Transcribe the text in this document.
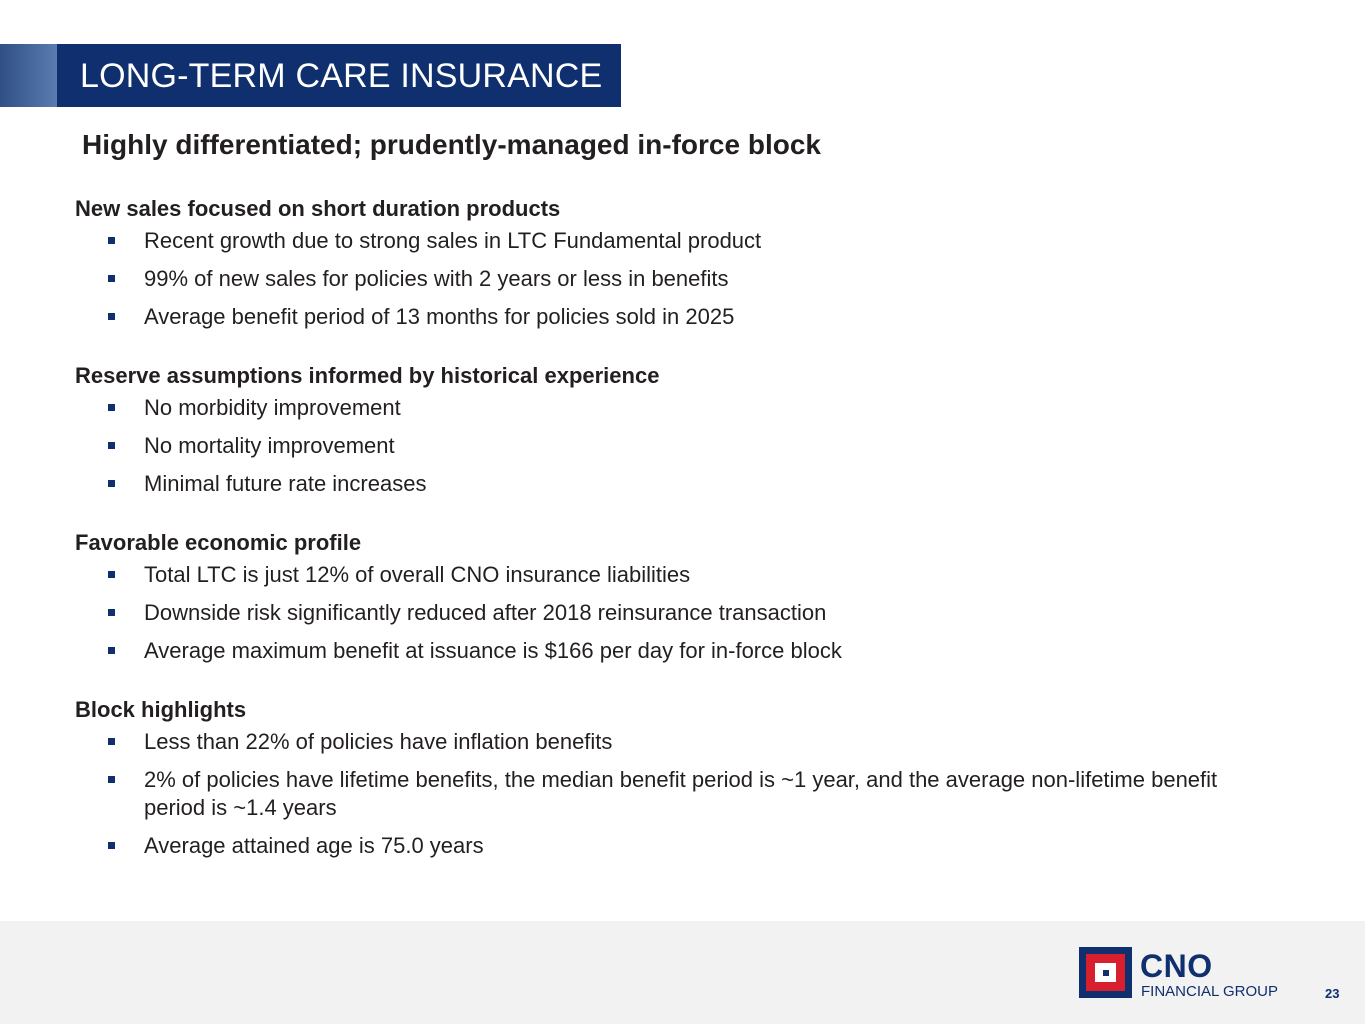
LONG-TERM CARE INSURANCE
Highly differentiated; prudently-managed in-force block

New sales focused on short duration products

Recent growth due to strong sales in LTC Fundamental product
99% of new sales for policies with 2 years or less in benefits
Average benefit period of 13 months for policies sold in 2025

Reserve assumptions informed by historical experience

No morbidity improvement
No mortality improvement
Minimal future rate increases

Favorable economic profile

Total LTC is just 12% of overall CNO insurance liabilities
Downside risk significantly reduced after 2018 reinsurance transaction
Average maximum benefit at issuance is $166 per day for in-force block

Block highlights

Less than 22% of policies have inflation benefits
2% of policies have lifetime benefits, the median benefit period is ~1 year, and the average non-lifetime benefit period is ~1.4 years
Average attained age is 75.0 years
CNO
FINANCIAL GROUP	23
